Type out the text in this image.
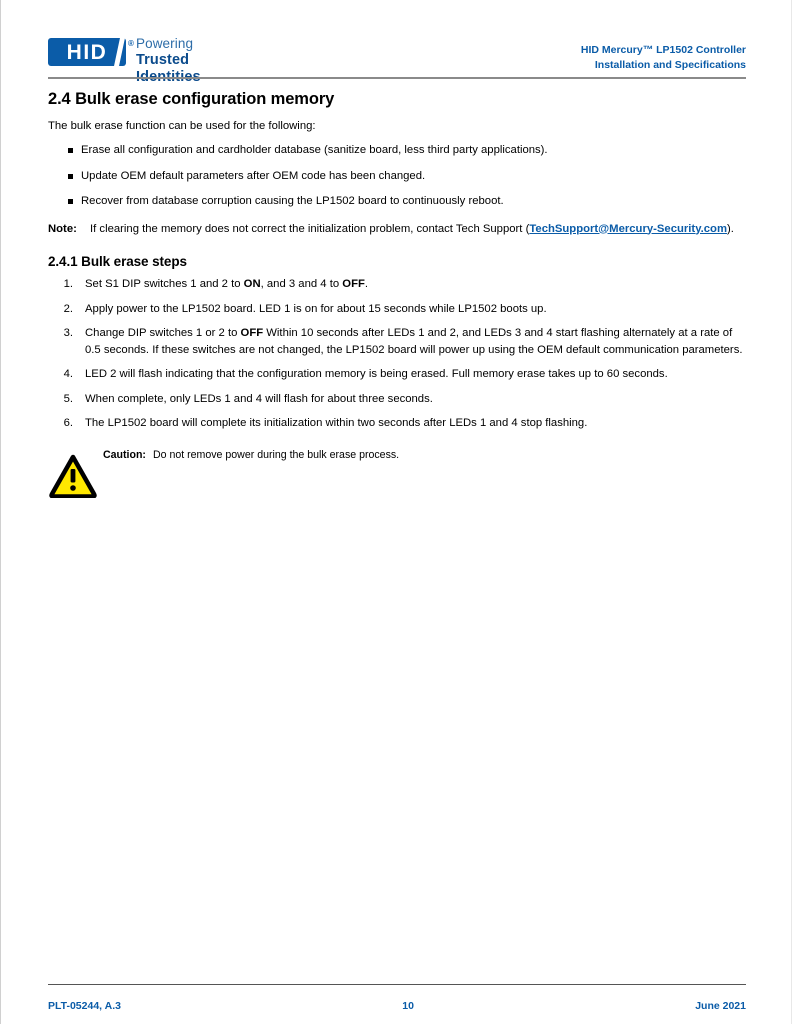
HID	® Powering
Trusted Identities
HID Mercury™ LP1502 Controller
Installation and Specifications
2.4 Bulk erase configuration memory

The bulk erase function can be used for the following:

Erase all configuration and cardholder database (sanitize board, less third party applications).
Update OEM default parameters after OEM code has been changed.
Recover from database corruption causing the LP1502 board to continuously reboot.
Note: If clearing the memory does not correct the initialization problem, contact Tech Support (TechSupport@Mercury-Security.com).
2.4.1 Bulk erase steps
Set S1 DIP switches 1 and 2 to ON, and 3 and 4 to OFF.
Apply power to the LP1502 board. LED 1 is on for about 15 seconds while LP1502 boots up.
Change DIP switches 1 or 2 to OFF Within 10 seconds after LEDs 1 and 2, and LEDs 3 and 4 start flashing alternately at a rate of 0.5 seconds. If these switches are not changed, the LP1502 board will power up using the OEM default communication parameters.
LED 2 will flash indicating that the configuration memory is being erased. Full memory erase takes up to 60 seconds.
When complete, only LEDs 1 and 4 will flash for about three seconds.
The LP1502 board will complete its initialization within two seconds after LEDs 1 and 4 stop flashing.
Caution: Do not remove power during the bulk erase process.
PLT-05244, A.3	10	June 2021
